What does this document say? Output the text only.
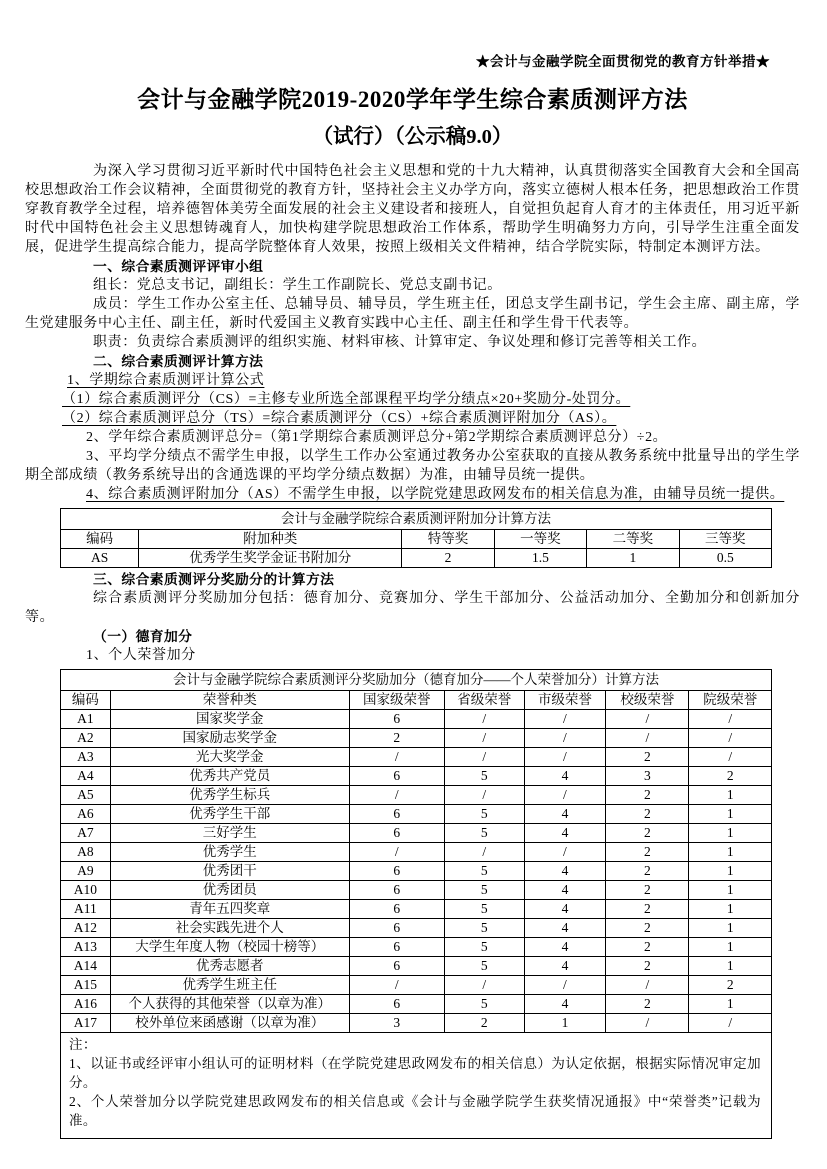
★会计与金融学院全面贯彻党的教育方针举措★
会计与金融学院2019-2020学年学生综合素质测评方法
（试行）（公示稿9.0）

为深入学习贯彻习近平新时代中国特色社会主义思想和党的十九大精神，认真贯彻落实全国教育大会和全国高校思想政治工作会议精神，全面贯彻党的教育方针，坚持社会主义办学方向，落实立德树人根本任务，把思想政治工作贯穿教育教学全过程，培养德智体美劳全面发展的社会主义建设者和接班人，自觉担负起育人育才的主体责任，用习近平新时代中国特色社会主义思想铸魂育人，加快构建学院思想政治工作体系，帮助学生明确努力方向，引导学生注重全面发展，促进学生提高综合能力，提高学院整体育人效果，按照上级相关文件精神，结合学院实际，特制定本测评方法。

一、综合素质测评评审小组

组长：党总支书记，副组长：学生工作副院长、党总支副书记。

成员：学生工作办公室主任、总辅导员、辅导员，学生班主任，团总支学生副书记，学生会主席、副主席，学生党建服务中心主任、副主任，新时代爱国主义教育实践中心主任、副主任和学生骨干代表等。

职责：负责综合素质测评的组织实施、材料审核、计算审定、争议处理和修订完善等相关工作。

二、综合素质测评计算方法

1、学期综合素质测评计算公式

（1）综合素质测评分（CS）=主修专业所选全部课程平均学分绩点×20+奖励分-处罚分。

（2）综合素质测评总分（TS）=综合素质测评分（CS）+综合素质测评附加分（AS）。

2、学年综合素质测评总分=（第1学期综合素质测评总分+第2学期综合素质测评总分）÷2。

3、平均学分绩点不需学生申报，以学生工作办公室通过教务办公室获取的直接从教务系统中批量导出的学生学期全部成绩（教务系统导出的含通选课的平均学分绩点数据）为准，由辅导员统一提供。

4、综合素质测评附加分（AS）不需学生申报，以学院党建思政网发布的相关信息为准，由辅导员统一提供。

会计与金融学院综合素质测评附加分计算方法					
编码	附加种类	特等奖	一等奖	二等奖	三等奖
AS	优秀学生奖学金证书附加分	2	1.5	1	0.5

三、综合素质测评分奖励分的计算方法

综合素质测评分奖励加分包括：德育加分、竞赛加分、学生干部加分、公益活动加分、全勤加分和创新加分等。

（一）德育加分

1、个人荣誉加分

会计与金融学院综合素质测评分奖励加分（德育加分——个人荣誉加分）计算方法						
编码	荣誉种类	国家级荣誉	省级荣誉	市级荣誉	校级荣誉	院级荣誉
A1	国家奖学金	6	/	/	/	/
A2	国家励志奖学金	2	/	/	/	/
A3	光大奖学金	/	/	/	2	/
A4	优秀共产党员	6	5	4	3	2
A5	优秀学生标兵	/	/	/	2	1
A6	优秀学生干部	6	5	4	2	1
A7	三好学生	6	5	4	2	1
A8	优秀学生	/	/	/	2	1
A9	优秀团干	6	5	4	2	1
A10	优秀团员	6	5	4	2	1
A11	青年五四奖章	6	5	4	2	1
A12	社会实践先进个人	6	5	4	2	1
A13	大学生年度人物（校园十榜等）	6	5	4	2	1
A14	优秀志愿者	6	5	4	2	1
A15	优秀学生班主任	/	/	/	/	2
A16	个人获得的其他荣誉（以章为准）	6	5	4	2	1
A17	校外单位来函感谢（以章为准）	3	2	1	/	/

注：

1、以证书或经评审小组认可的证明材料（在学院党建思政网发布的相关信息）为认定依据，根据实际情况审定加分。

2、个人荣誉加分以学院党建思政网发布的相关信息或《会计与金融学院学生获奖情况通报》中“荣誉类”记载为准。
